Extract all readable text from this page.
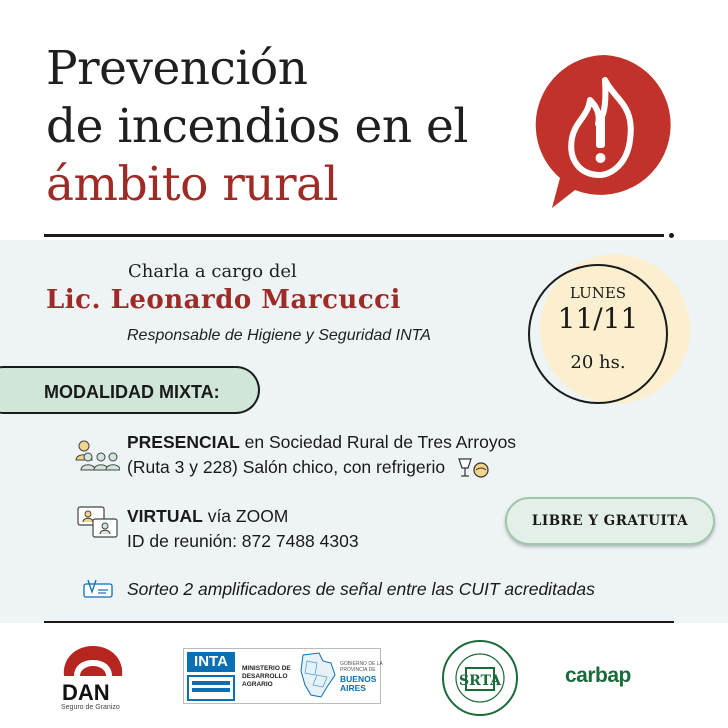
Prevención
de incendios en el
ámbito rural
Charla a cargo del
Lic. Leonardo Marcucci
Responsable de Higiene y Seguridad INTA
LUNES
11/11
20 hs.
MODALIDAD MIXTA:
PRESENCIAL en Sociedad Rural de Tres Arroyos
(Ruta 3 y 228) Salón chico, con refrigerio
VIRTUAL vía ZOOM
ID de reunión: 872 7488 4303
LIBRE Y GRATUITA
Sorteo 2 amplificadores de señal entre las CUIT acreditadas
DAN
Seguro de Granizo
INTA	MINISTERIO DE
DESARROLLO
AGRARIO
GOBIERNO DE LA
PROVINCIA DE
BUENOS
AIRES	SRTA	carbap
